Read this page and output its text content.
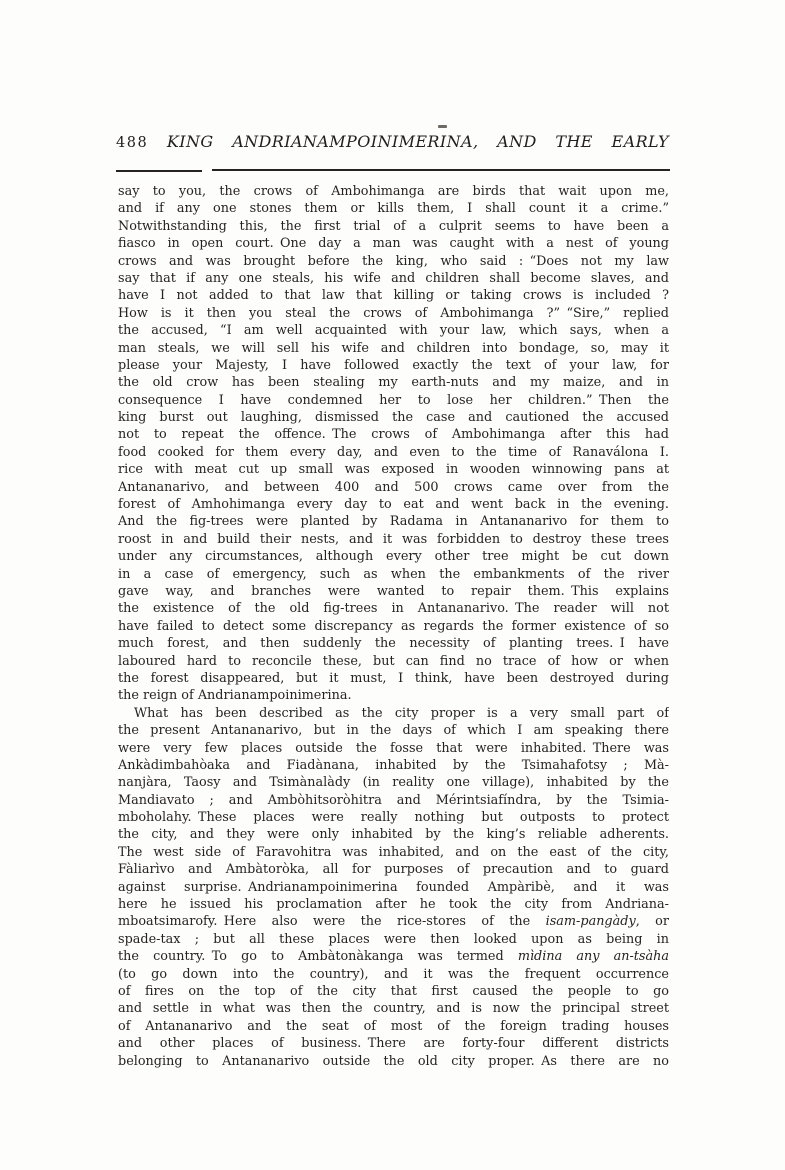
488 KING ANDRIANAMPOINIMERINA, AND THE EARLY
say to you, the crows of Ambohimanga are birds that wait upon me,
and if any one stones them or kills them, I shall count it a crime.”
Notwithstanding this, the first trial of a culprit seems to have been a
fiasco in open court. One day a man was caught with a nest of young
crows and was brought before the king, who said : “Does not my law
say that if any one steals, his wife and children shall become slaves, and
have I not added to that law that killing or taking crows is included ?
How is it then you steal the crows of Ambohimanga ?” “Sire,” replied
the accused, “I am well acquainted with your law, which says, when a
man steals, we will sell his wife and children into bondage, so, may it
please your Majesty, I have followed exactly the text of your law, for
the old crow has been stealing my earth-nuts and my maize, and in
consequence I have condemned her to lose her children.” Then the
king burst out laughing, dismissed the case and cautioned the accused
not to repeat the offence. The crows of Ambohimanga after this had
food cooked for them every day, and even to the time of Ranaválona I.
rice with meat cut up small was exposed in wooden winnowing pans at
Antananarivo, and between 400 and 500 crows came over from the
forest of Amhohimanga every day to eat and went back in the evening.
And the fig-trees were planted by Radama in Antananarivo for them to
roost in and build their nests, and it was forbidden to destroy these trees
under any circumstances, although every other tree might be cut down
in a case of emergency, such as when the embankments of the river
gave way, and branches were wanted to repair them. This explains
the existence of the old fig-trees in Antananarivo. The reader will not
have failed to detect some discrepancy as regards the former existence of so
much forest, and then suddenly the necessity of planting trees. I have
laboured hard to reconcile these, but can find no trace of how or when
the forest disappeared, but it must, I think, have been destroyed during
the reign of Andrianampoinimerina.
What has been described as the city proper is a very small part of
the present Antananarivo, but in the days of which I am speaking there
were very few places outside the fosse that were inhabited. There was
Ankàdimbahòaka and Fiadànana, inhabited by the Tsimahafotsy ; Mà-
nanjàra, Taosy and Tsimànalàdy (in reality one village), inhabited by the
Mandiavato ; and Ambòhitsoròhitra and Mérintsiafíndra, by the Tsimia-
mboholahy. These places were really nothing but outposts to protect
the city, and they were only inhabited by the king’s reliable adherents.
The west side of Faravohitra was inhabited, and on the east of the city,
Fàliarìvo and Ambàtoròka, all for purposes of precaution and to guard
against surprise. Andrianampoinimerina founded Ampàribè, and it was
here he issued his proclamation after he took the city from Andriana-
mboatsimarofy. Here also were the rice-stores of the isam-pangàdy, or
spade-tax ; but all these places were then looked upon as being in
the country. To go to Ambàtonàkanga was termed mìdina any an-tsàha
(to go down into the country), and it was the frequent occurrence
of fires on the top of the city that first caused the people to go
and settle in what was then the country, and is now the principal street
of Antananarivo and the seat of most of the foreign trading houses
and other places of business. There are forty-four different districts
belonging to Antananarivo outside the old city proper. As there are no
